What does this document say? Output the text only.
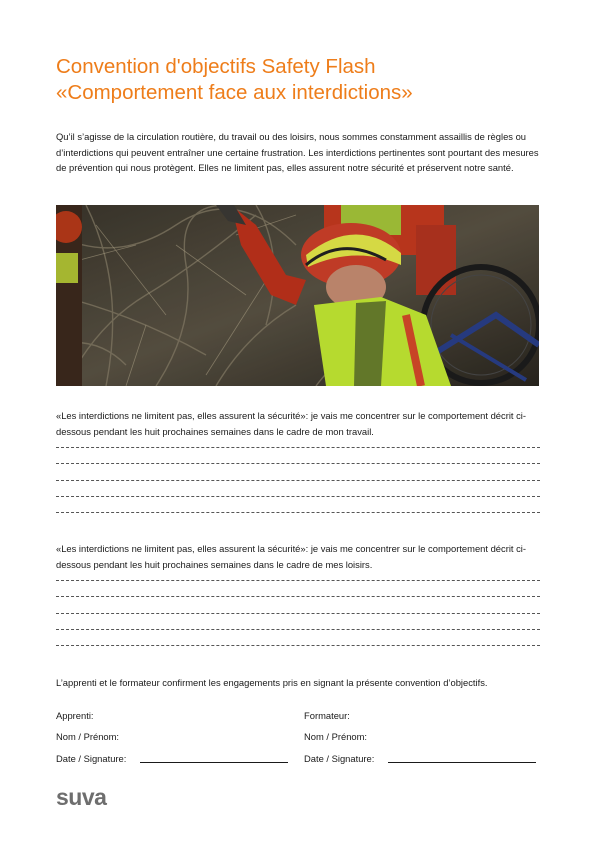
Convention d'objectifs Safety Flash
«Comportement face aux interdictions»

Qu’il s’agisse de la circulation routière, du travail ou des loisirs, nous sommes constamment assaillis de règles ou d’interdictions qui peuvent entraîner une certaine frustration. Les interdictions pertinentes sont pourtant des mesures de prévention qui nous protègent. Elles ne limitent pas, elles assurent notre sécurité et préservent notre santé.

«Les interdictions ne limitent pas, elles assurent la sécurité»: je vais me concentrer sur le comportement décrit ci-dessous pendant les huit prochaines semaines dans le cadre de mon travail.

«Les interdictions ne limitent pas, elles assurent la sécurité»: je vais me concentrer sur le comportement décrit ci-dessous pendant les huit prochaines semaines dans le cadre de mes loisirs.

L’apprenti et le formateur confirment les engagements pris en signant la présente convention d’objectifs.

Apprenti:
Nom / Prénom:
Date / Signature:
Formateur:
Nom / Prénom:
Date / Signature:
suva
